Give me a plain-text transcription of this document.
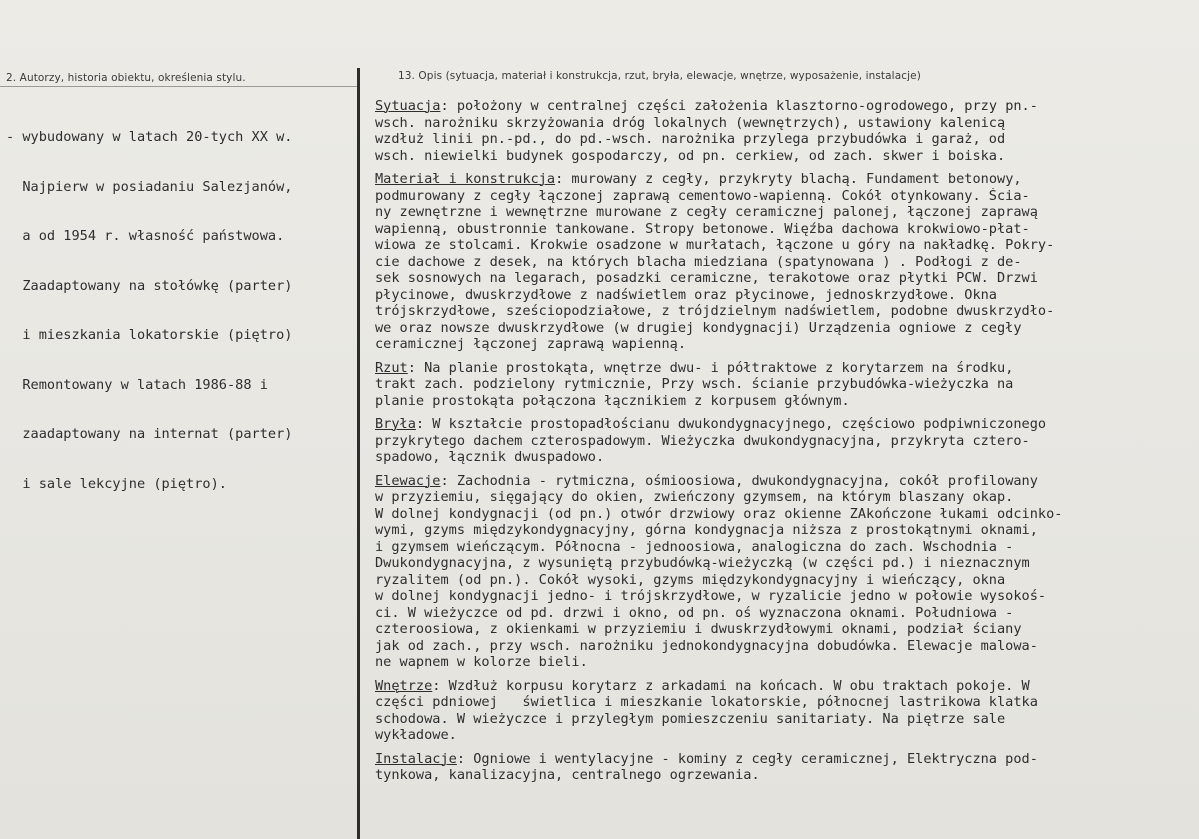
2. Autorzy, historia obiektu, określenia stylu.	13. Opis (sytuacja, materiał i konstrukcja, rzut, bryła, elewacje, wnętrze, wyposażenie, instalacje)

- wybudowany w latach 20-tych XX w.

Najpierw w posiadaniu Salezjanów,

a od 1954 r. własność państwowa.

Zaadaptowany na stołówkę (parter)

i mieszkania lokatorskie (piętro)

Remontowany w latach 1986-88 i

zaadaptowany na internat (parter)

i sale lekcyjne (piętro).

Sytuacja: położony w centralnej części założenia klasztorno-ogrodowego, przy pn.-
wsch. narożniku skrzyżowania dróg lokalnych (wewnętrzych), ustawiony kalenicą
wzdłuż linii pn.-pd., do pd.-wsch. narożnika przylega przybudówka i garaż, od
wsch. niewielki budynek gospodarczy, od pn. cerkiew, od zach. skwer i boiska.
Materiał i konstrukcja: murowany z cegły, przykryty blachą. Fundament betonowy,
podmurowany z cegły łączonej zaprawą cementowo-wapienną. Cokół otynkowany. Ścia-
ny zewnętrzne i wewnętrzne murowane z cegły ceramicznej palonej, łączonej zaprawą
wapienną, obustronnie tankowane. Stropy betonowe. Więźba dachowa krokwiowo-płat-
wiowa ze stolcami. Krokwie osadzone w murłatach, łączone u góry na nakładkę. Pokry-
cie dachowe z desek, na których blacha miedziana (spatynowana ) . Podłogi z de-
sek sosnowych na legarach, posadzki ceramiczne, terakotowe oraz płytki PCW. Drzwi
płycinowe, dwuskrzydłowe z nadświetlem oraz płycinowe, jednoskrzydłowe. Okna
trójskrzydłowe, sześciopodziałowe, z trójdzielnym nadświetlem, podobne dwuskrzydło-
we oraz nowsze dwuskrzydłowe (w drugiej kondygnacji) Urządzenia ogniowe z cegły
ceramicznej łączonej zaprawą wapienną.
Rzut: Na planie prostokąta, wnętrze dwu- i półtraktowe z korytarzem na środku,
trakt zach. podzielony rytmicznie, Przy wsch. ścianie przybudówka-wieżyczka na
planie prostokąta połączona łącznikiem z korpusem głównym.
Bryła: W kształcie prostopadłościanu dwukondygnacyjnego, częściowo podpiwniczonego
przykrytego dachem czterospadowym. Wieżyczka dwukondygnacyjna, przykryta cztero-
spadowo, łącznik dwuspadowo.
Elewacje: Zachodnia - rytmiczna, ośmioosiowa, dwukondygnacyjna, cokół profilowany
w przyziemiu, sięgający do okien, zwieńczony gzymsem, na którym blaszany okap.
W dolnej kondygnacji (od pn.) otwór drzwiowy oraz okienne ZAkończone łukami odcinko-
wymi, gzyms międzykondygnacyjny, górna kondygnacja niższa z prostokątnymi oknami,
i gzymsem wieńczącym. Północna - jednoosiowa, analogiczna do zach. Wschodnia -
Dwukondygnacyjna, z wysuniętą przybudówką-wieżyczką (w części pd.) i nieznacznym
ryzalitem (od pn.). Cokół wysoki, gzyms międzykondygnacyjny i wieńczący, okna
w dolnej kondygnacji jedno- i trójskrzydłowe, w ryzalicie jedno w połowie wysokoś-
ci. W wieżyczce od pd. drzwi i okno, od pn. oś wyznaczona oknami. Południowa -
czteroosiowa, z okienkami w przyziemiu i dwuskrzydłowymi oknami, podział ściany
jak od zach., przy wsch. narożniku jednokondygnacyjna dobudówka. Elewacje malowa-
ne wapnem w kolorze bieli.
Wnętrze: Wzdłuż korpusu korytarz z arkadami na końcach. W obu traktach pokoje. W
części pdniowej   świetlica i mieszkanie lokatorskie, północnej lastrikowa klatka
schodowa. W wieżyczce i przyległym pomieszczeniu sanitariaty. Na piętrze sale
wykładowe.
Instalacje: Ogniowe i wentylacyjne - kominy z cegły ceramicznej, Elektryczna pod-
tynkowa, kanalizacyjna, centralnego ogrzewania.
